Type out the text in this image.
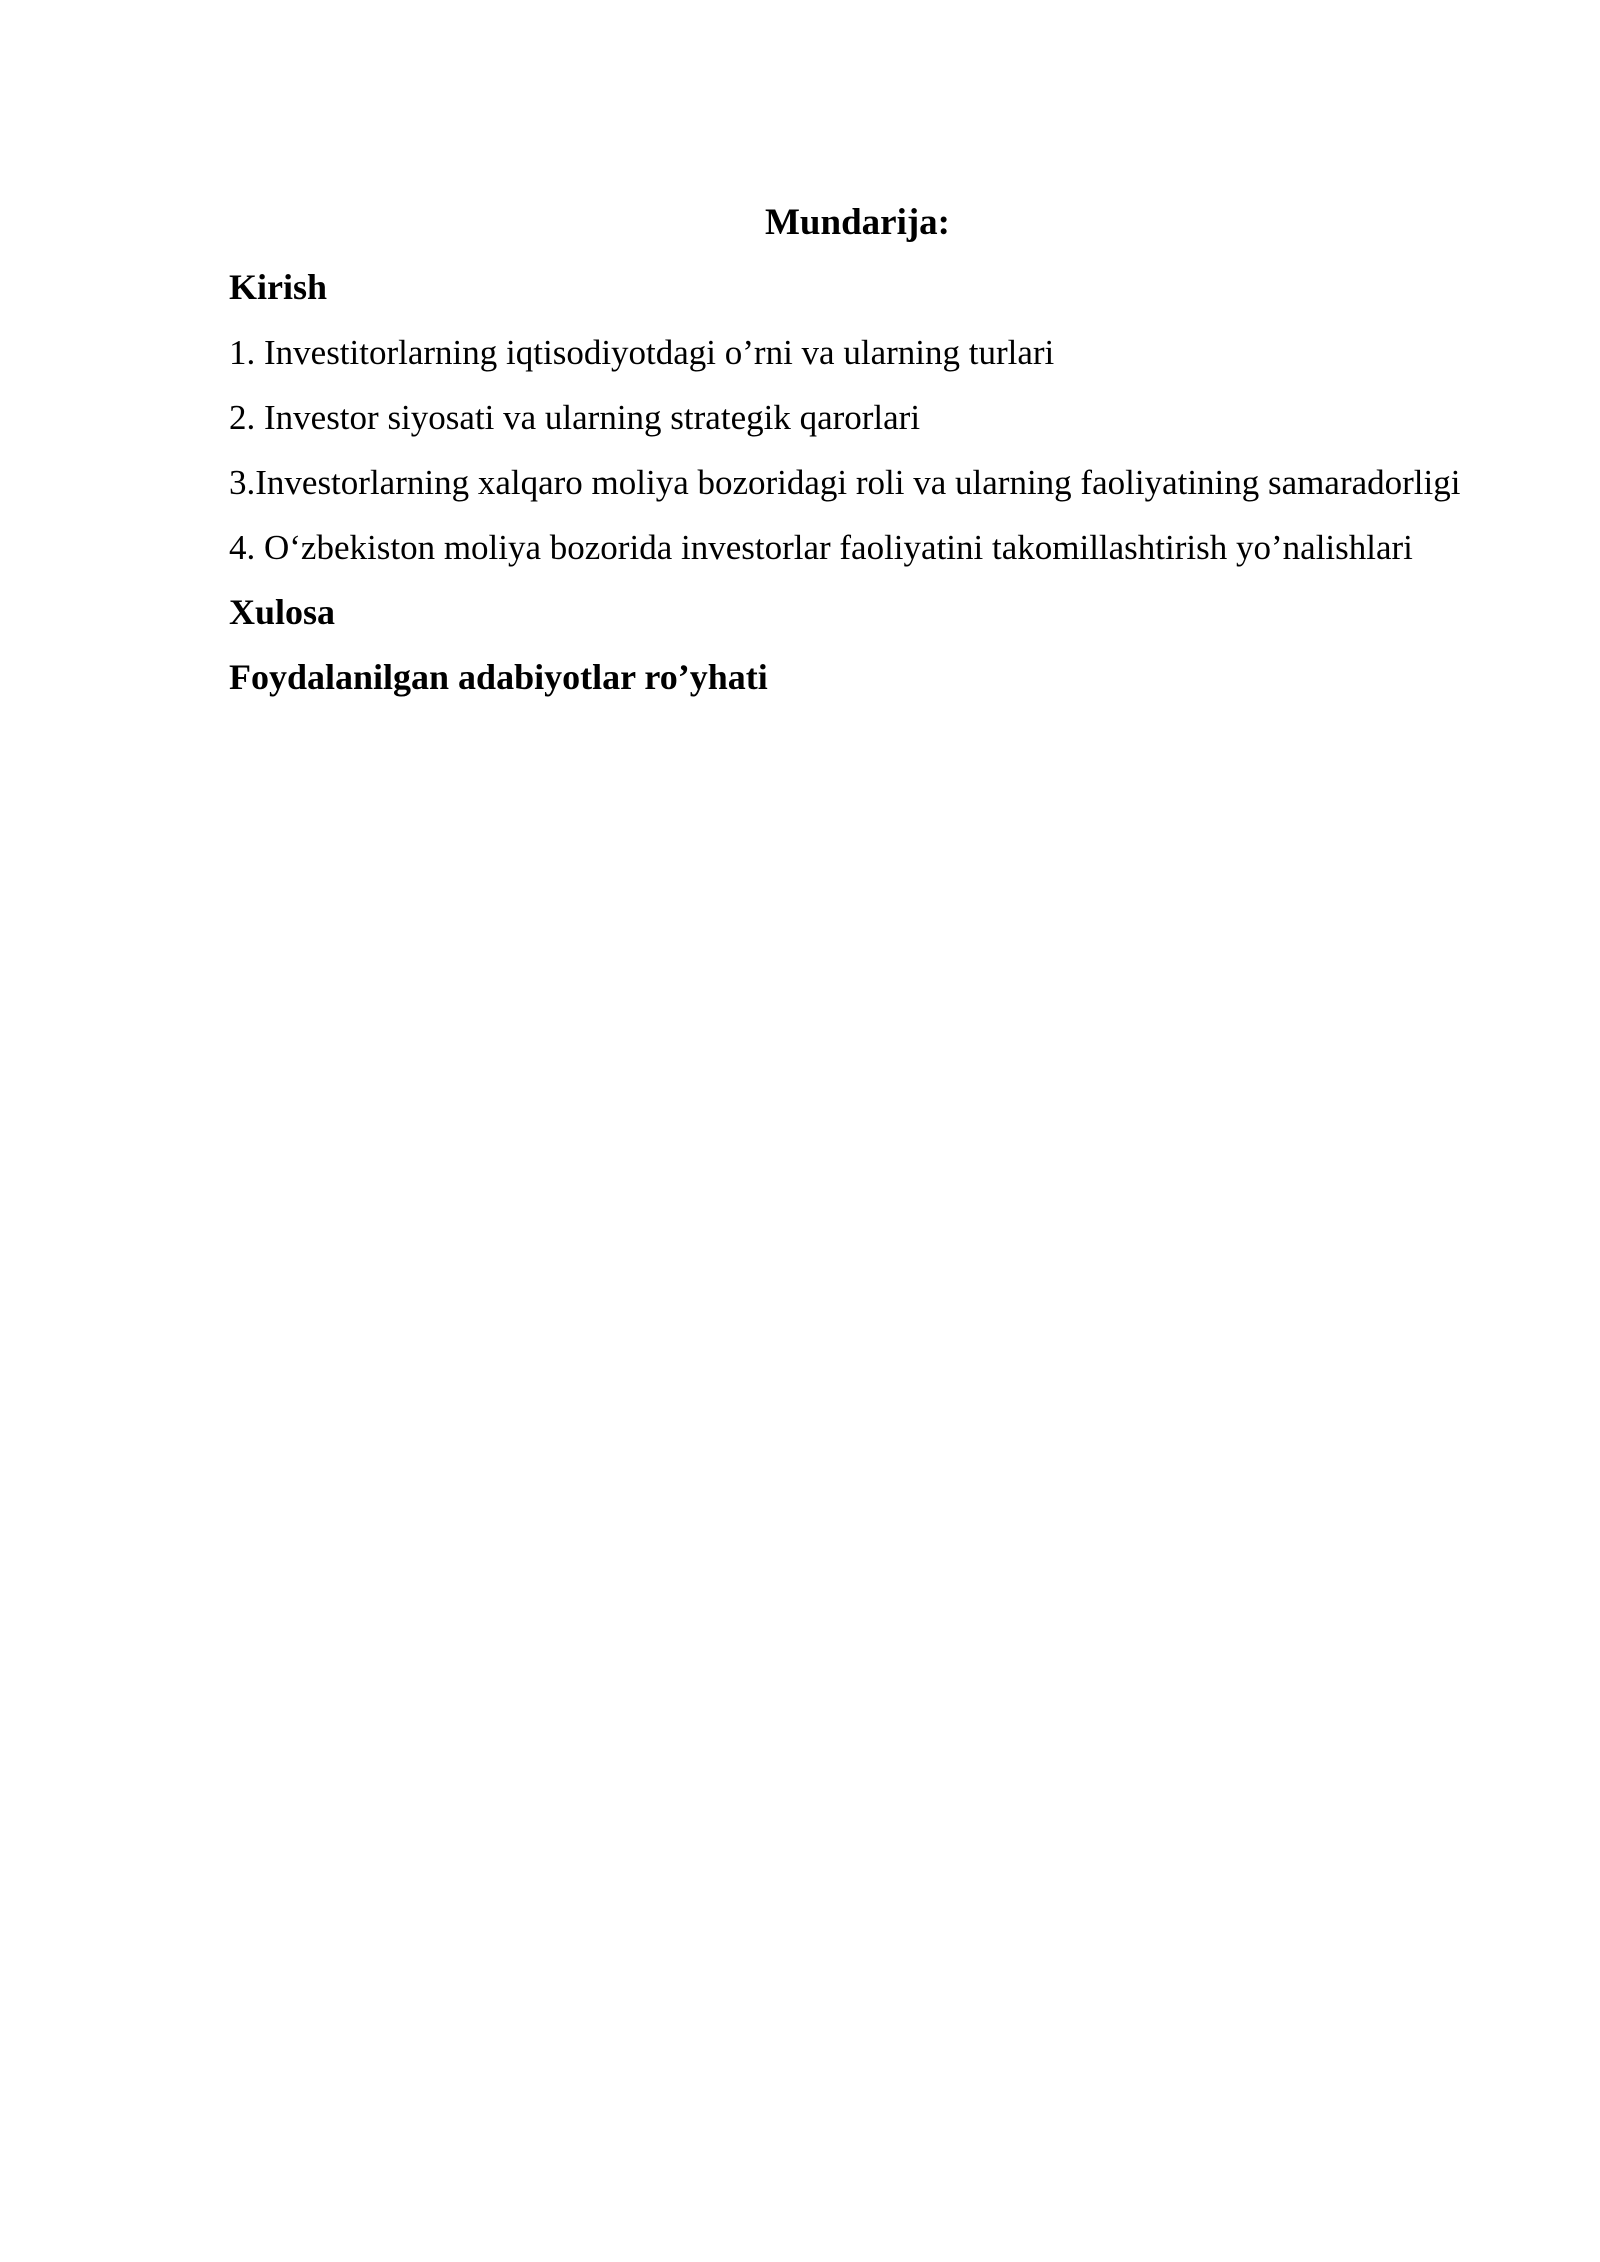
Mundarija:

Kirish

1. Investitorlarning iqtisodiyotdagi o’rni va ularning turlari

2. Investor siyosati va ularning strategik qarorlari

3.Investorlarning xalqaro moliya bozoridagi roli va ularning faoliyatining samaradorligi

4. O‘zbekiston moliya bozorida investorlar faoliyatini takomillashtirish yo’nalishlari

Xulosa

Foydalanilgan adabiyotlar ro’yhati
